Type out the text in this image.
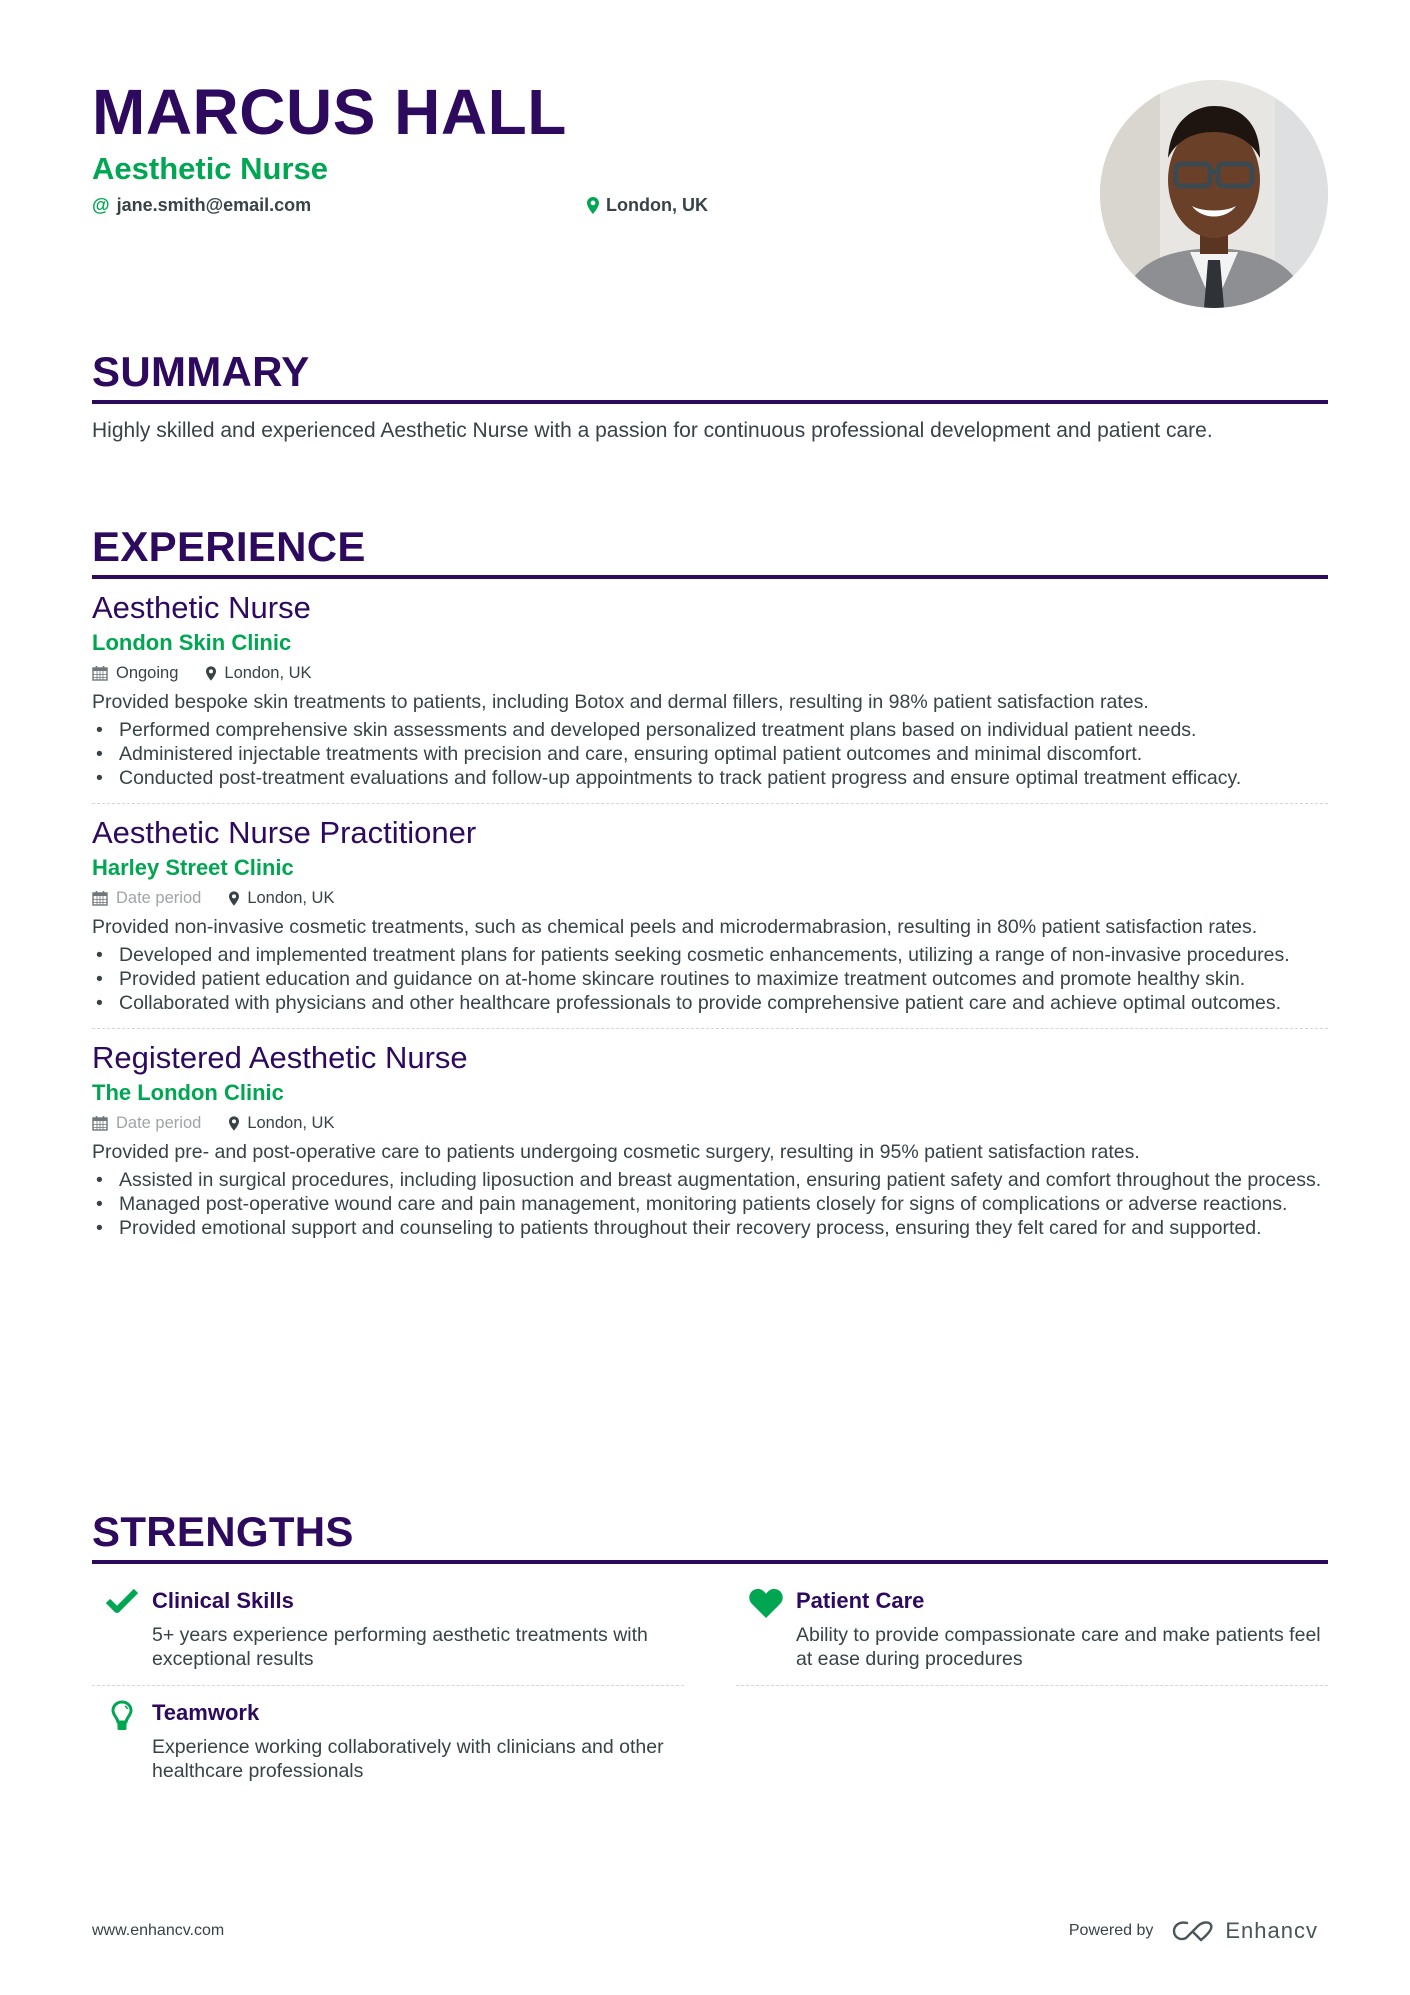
MARCUS HALL
Aesthetic Nurse
@ jane.smith@email.com	London, UK
SUMMARY
Highly skilled and experienced Aesthetic Nurse with a passion for continuous professional development and patient care.
EXPERIENCE
Aesthetic Nurse
London Skin Clinic
Ongoing	London, UK
Provided bespoke skin treatments to patients, including Botox and dermal fillers, resulting in 98% patient satisfaction rates.
• Performed comprehensive skin assessments and developed personalized treatment plans based on individual patient needs.
• Administered injectable treatments with precision and care, ensuring optimal patient outcomes and minimal discomfort.
• Conducted post-treatment evaluations and follow-up appointments to track patient progress and ensure optimal treatment efficacy.
Aesthetic Nurse Practitioner
Harley Street Clinic
Date period	London, UK
Provided non-invasive cosmetic treatments, such as chemical peels and microdermabrasion, resulting in 80% patient satisfaction rates.
• Developed and implemented treatment plans for patients seeking cosmetic enhancements, utilizing a range of non-invasive procedures.
• Provided patient education and guidance on at-home skincare routines to maximize treatment outcomes and promote healthy skin.
• Collaborated with physicians and other healthcare professionals to provide comprehensive patient care and achieve optimal outcomes.
Registered Aesthetic Nurse
The London Clinic
Date period	London, UK
Provided pre- and post-operative care to patients undergoing cosmetic surgery, resulting in 95% patient satisfaction rates.
• Assisted in surgical procedures, including liposuction and breast augmentation, ensuring patient safety and comfort throughout the process.
• Managed post-operative wound care and pain management, monitoring patients closely for signs of complications or adverse reactions.
• Provided emotional support and counseling to patients throughout their recovery process, ensuring they felt cared for and supported.
STRENGTHS
Clinical Skills
5+ years experience performing aesthetic treatments with exceptional results
Patient Care
Ability to provide compassionate care and make patients feel at ease during procedures
Teamwork
Experience working collaboratively with clinicians and other healthcare professionals
www.enhancv.com	Powered by	Enhancv
